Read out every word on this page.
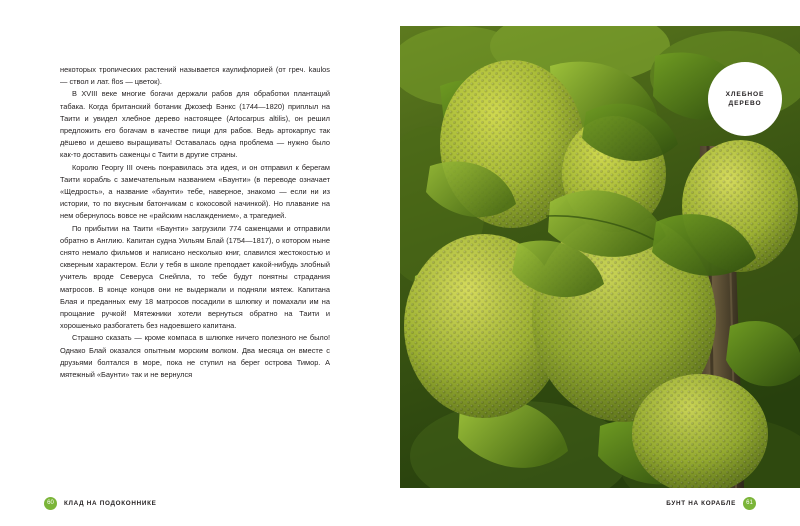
некоторых тропических растений называется каулифлорией (от греч. kaulos — ствол и лат. flos — цветок).

В XVIII веке многие богачи держали рабов для обработки плантаций табака. Когда британский ботаник Джозеф Бэнкс (1744—1820) приплыл на Таити и увидел хлебное дерево настоящее (Artocarpus altilis), он решил предложить его богачам в качестве пищи для рабов. Ведь артокарпус так дёшево и дешево выращивать! Оставалась одна проблема — нужно было как-то доставить саженцы с Таити в другие страны.

Королю Георгу III очень понравилась эта идея, и он отправил к берегам Таити корабль с замечательным названием «Баунти» (в переводе означает «Щедрость», а название «баунти» тебе, наверное, знакомо — если ни из истории, то по вкусным батончикам с кокосовой начинкой). Но плавание на нем обернулось вовсе не «райским наслаждением», а трагедией.

По прибытии на Таити «Баунти» загрузили 774 саженцами и отправили обратно в Англию. Капитан судна Уильям Блай (1754—1817), о котором ныне снято немало фильмов и написано несколько книг, славился жестокостью и скверным характером. Если у тебя в школе преподает какой-нибудь злобный учитель вроде Северуса Снейпла, то тебе будут понятны страдания матросов. В конце концов они не выдержали и подняли мятеж. Капитана Блая и преданных ему 18 матросов посадили в шлюпку и помахали им на прощание ручкой! Мятежники хотели вернуться обратно на Таити и хорошенько разбогатеть без надоевшего капитана.

Страшно сказать — кроме компаса в шлюпке ничего полезного не было! Однако Блай оказался опытным морским волком. Два месяца он вместе с друзьями болтался в море, пока не ступил на берег острова Тимор. А мятежный «Баунти» так и не вернулся

60	КЛАД НА ПОДОКОННИКЕ
ХЛЕБНОЕ ДЕРЕВО
БУНТ НА КОРАБЛЕ	61
